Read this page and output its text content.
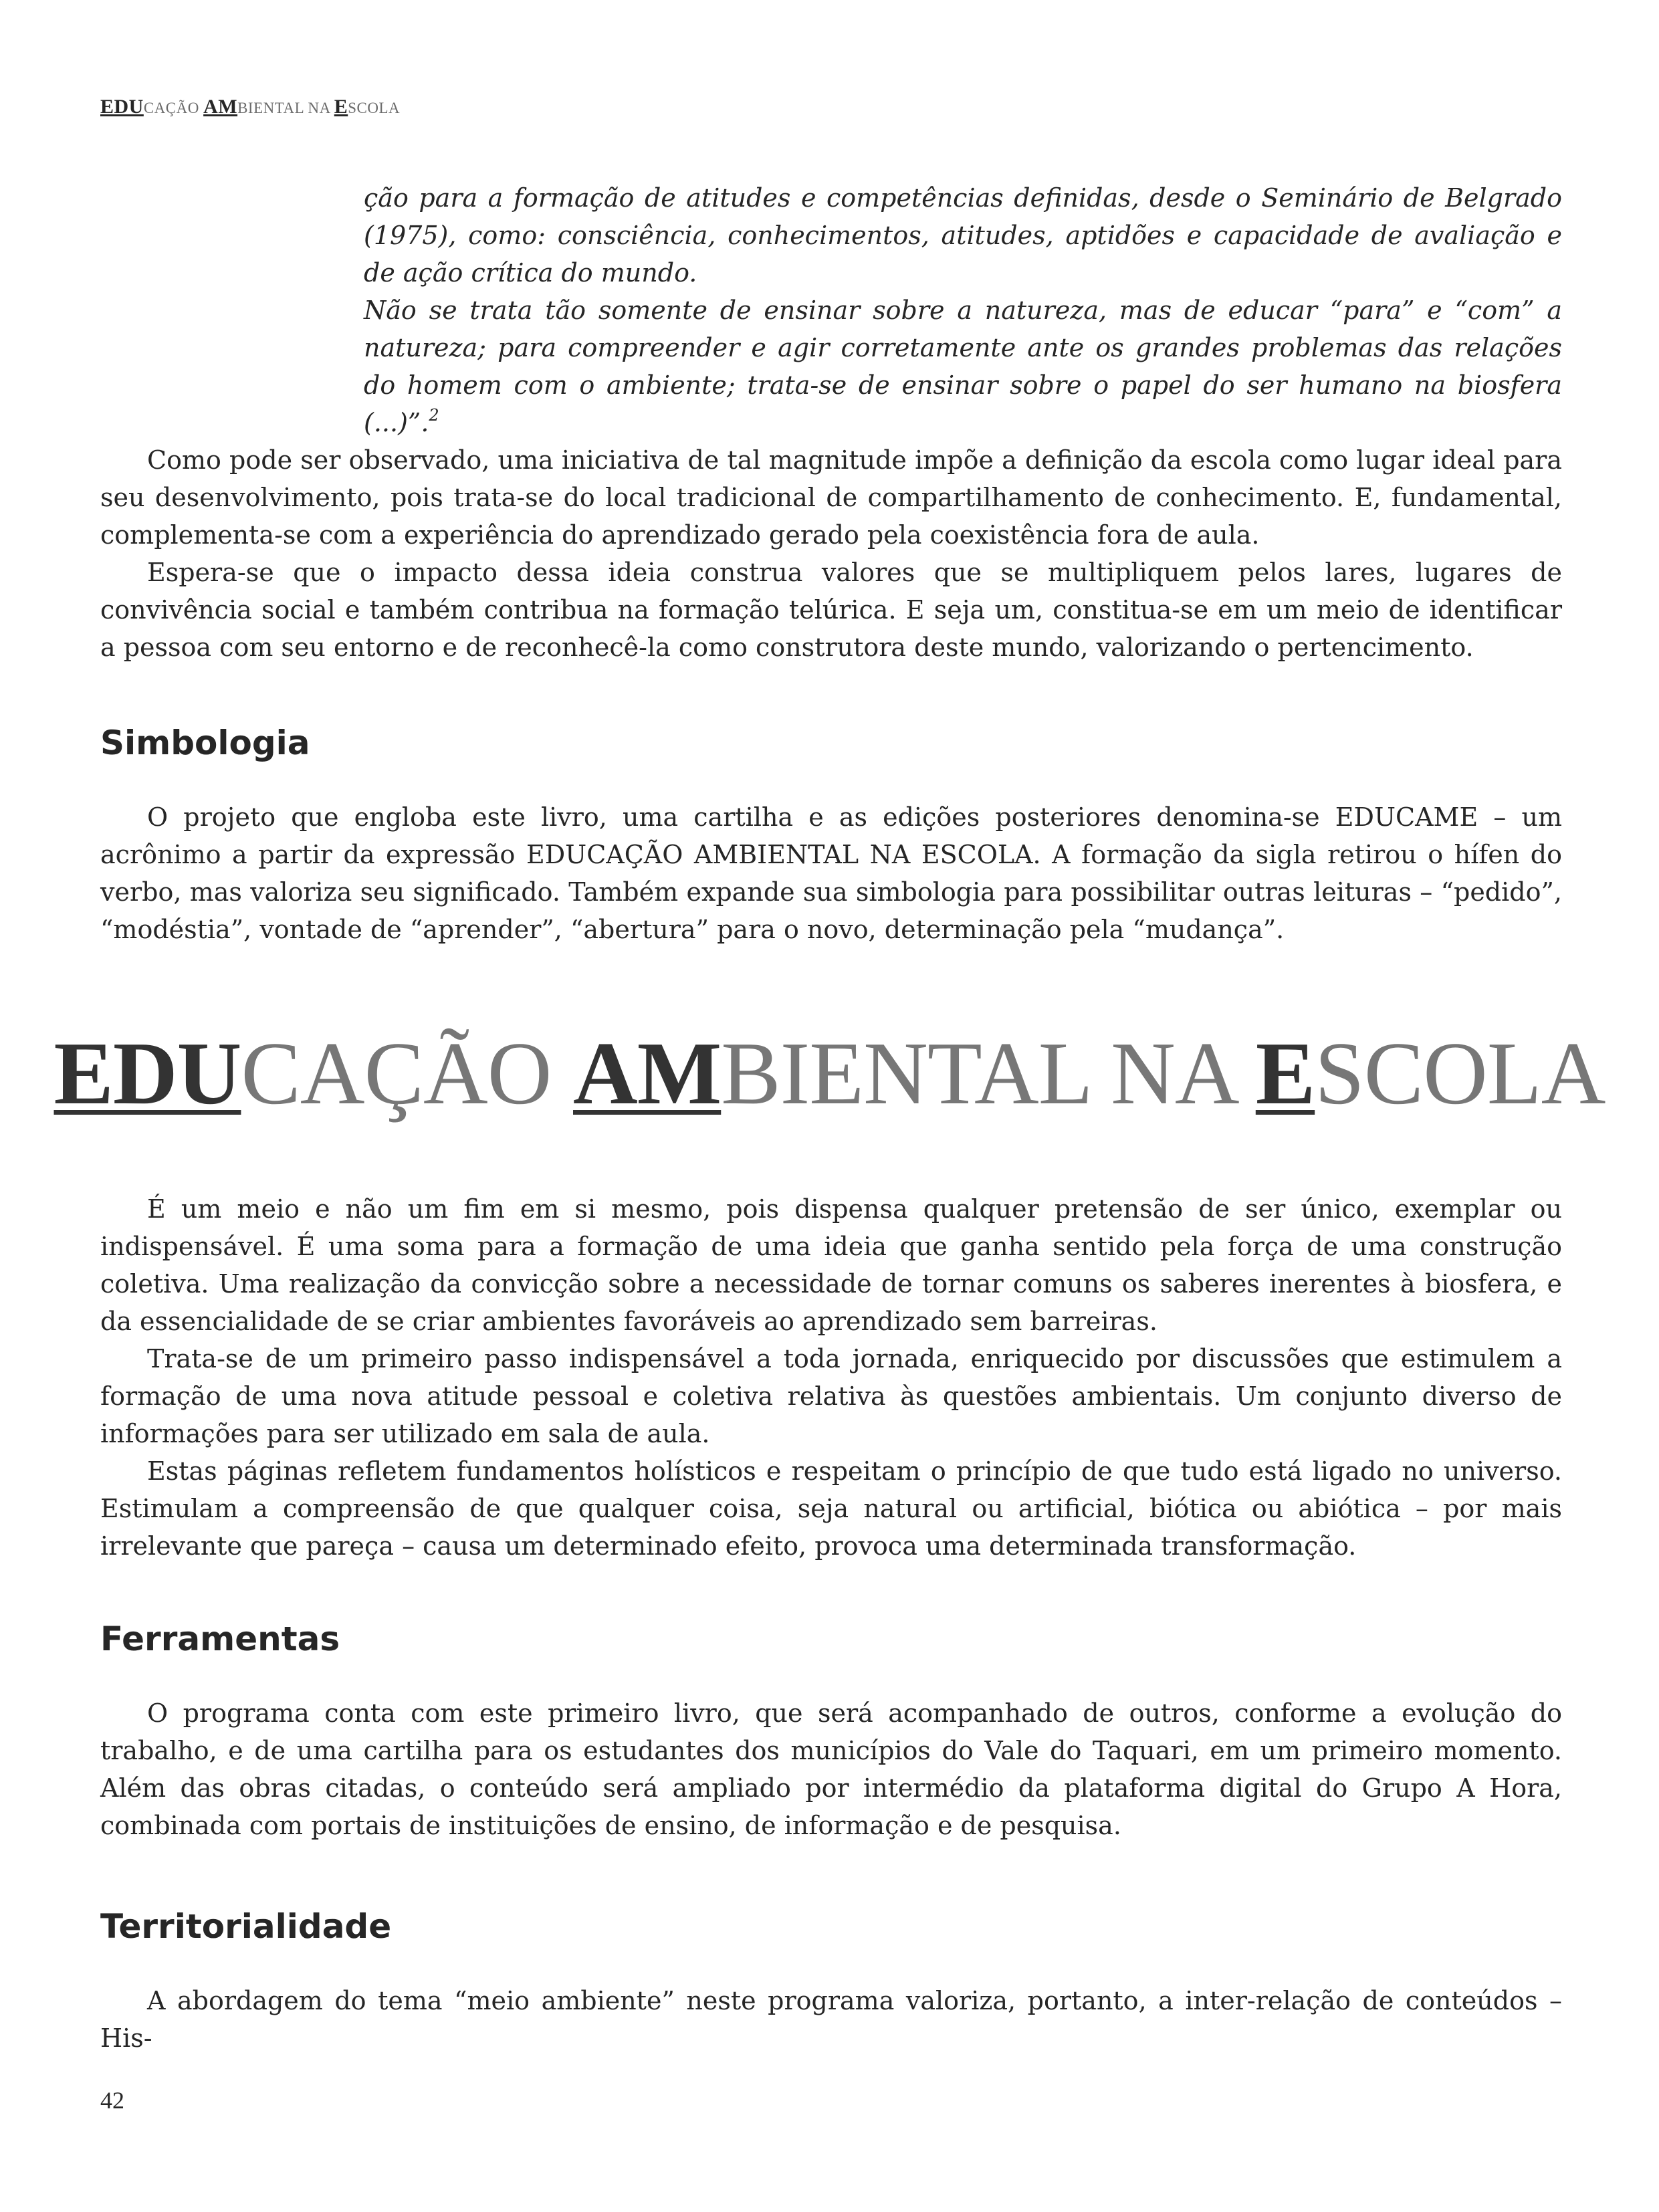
EDUCAÇÃO AMBIENTAL NA ESCOLA

ção para a formação de atitudes e competências definidas, desde o Seminário de Belgrado (1975), como: consciência, conhecimentos, atitudes, aptidões e capacidade de avaliação e de ação crítica do mundo.

Não se trata tão somente de ensinar sobre a natureza, mas de educar “para” e “com” a natureza; para compreender e agir corretamente ante os grandes problemas das relações do homem com o ambiente; trata-se de ensinar sobre o papel do ser humano na biosfera (...)”.$^2$

Como pode ser observado, uma iniciativa de tal magnitude impõe a definição da escola como lugar ideal para seu desenvolvimento, pois trata-se do local tradicional de compartilhamento de conhecimento. E, fundamental, complementa-se com a experiência do aprendizado gerado pela coexistência fora de aula.

Espera-se que o impacto dessa ideia construa valores que se multipliquem pelos lares, lugares de convivência social e também contribua na formação telúrica. E seja um, constitua-se em um meio de identificar a pessoa com seu entorno e de reconhecê-la como construtora deste mundo, valorizando o pertencimento.

Simbologia

O projeto que engloba este livro, uma cartilha e as edições posteriores denomina-se EDUCAME – um acrônimo a partir da expressão EDUCAÇÃO AMBIENTAL NA ESCOLA. A formação da sigla retirou o hífen do verbo, mas valoriza seu significado. Também expande sua simbologia para possibilitar outras leituras – “pedido”, “modéstia”, vontade de “aprender”, “abertura” para o novo, determinação pela “mudança”.

EDUCAÇÃO AMBIENTAL NA ESCOLA

É um meio e não um fim em si mesmo, pois dispensa qualquer pretensão de ser único, exemplar ou indispensável. É uma soma para a formação de uma ideia que ganha sentido pela força de uma construção coletiva. Uma realização da convicção sobre a necessidade de tornar comuns os saberes inerentes à biosfera, e da essencialidade de se criar ambientes favoráveis ao aprendizado sem barreiras.

Trata-se de um primeiro passo indispensável a toda jornada, enriquecido por discussões que estimulem a formação de uma nova atitude pessoal e coletiva relativa às questões ambientais. Um conjunto diverso de informações para ser utilizado em sala de aula.

Estas páginas refletem fundamentos holísticos e respeitam o princípio de que tudo está ligado no universo. Estimulam a compreensão de que qualquer coisa, seja natural ou artificial, biótica ou abiótica – por mais irrelevante que pareça – causa um determinado efeito, provoca uma determinada transformação.

Ferramentas

O programa conta com este primeiro livro, que será acompanhado de outros, conforme a evolução do trabalho, e de uma cartilha para os estudantes dos municípios do Vale do Taquari, em um primeiro momento. Além das obras citadas, o conteúdo será ampliado por intermédio da plataforma digital do Grupo A Hora, combinada com portais de instituições de ensino, de informação e de pesquisa.

Territorialidade

A abordagem do tema “meio ambiente” neste programa valoriza, portanto, a inter-relação de conteúdos – His-

42
